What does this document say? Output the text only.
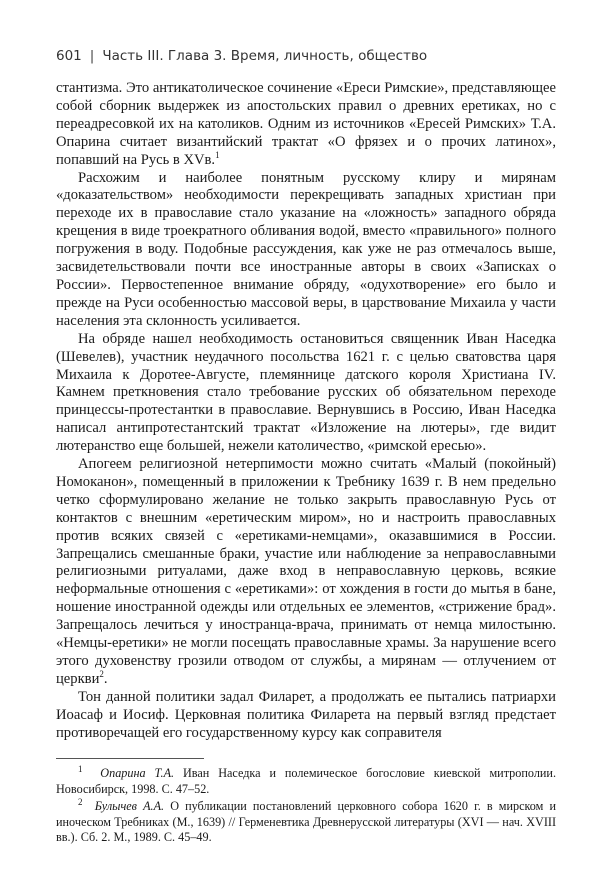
601 | Часть III. Глава 3. Время, личность, общество

стантизма. Это антикатолическое сочинение «Ереси Римские», представляющее собой сборник выдержек из апостольских правил о древних еретиках, но с переадресовкой их на католиков. Одним из источников «Ересей Римских» Т.А. Опарина считает византийский трактат «О фрязех и о прочих латинох», попавший на Русь в XVв.$^1$

Расхожим и наиболее понятным русскому клиру и мирянам «доказательством» необходимости перекрещивать западных христиан при переходе их в православие стало указание на «ложность» западного обряда крещения в виде троекратного обливания водой, вместо «правильного» полного погружения в воду. Подобные рассуждения, как уже не раз отмечалось выше, засвидетельствовали почти все иностранные авторы в своих «Записках о России». Первостепенное внимание обряду, «одухотворение» его было и прежде на Руси особенностью массовой веры, в царствование Михаила у части населения эта склонность усиливается.

На обряде нашел необходимость остановиться священник Иван Наседка (Шевелев), участник неудачного посольства 1621 г. с целью сватовства царя Михаила к Доротее-Августе, племяннице датского короля Христиана IV. Камнем преткновения стало требование русских об обязательном переходе принцессы-протестантки в православие. Вернувшись в Россию, Иван Наседка написал антипротестантский трактат «Изложение на лютеры», где видит лютеранство еще большей, нежели католичество, «римской ересью».

Апогеем религиозной нетерпимости можно считать «Малый (покойный) Номоканон», помещенный в приложении к Требнику 1639 г. В нем предельно четко сформулировано желание не только закрыть православную Русь от контактов с внешним «еретическим миром», но и настроить православных против всяких связей с «еретиками-немцами», оказавшимися в России. Запрещались смешанные браки, участие или наблюдение за неправославными религиозными ритуалами, даже вход в неправославную церковь, всякие неформальные отношения с «еретиками»: от хождения в гости до мытья в бане, ношение иностранной одежды или отдельных ее элементов, «стрижение брад». Запрещалось лечиться у иностранца-врача, принимать от немца милостыню. «Немцы-еретики» не могли посещать православные храмы. За нарушение всего этого духовенству грозили отводом от службы, а мирянам — отлучением от церкви$^2$.

Тон данной политики задал Филарет, а продолжать ее пытались патриархи Иоасаф и Иосиф. Церковная политика Филарета на первый взгляд предстает противоречащей его государственному курсу как соправителя

$^1$ Опарина Т.А. Иван Наседка и полемическое богословие киевской митрополии. Новосибирск, 1998. С. 47–52.

$^2$ Булычев А.А. О публикации постановлений церковного собора 1620 г. в мирском и иноческом Требниках (М., 1639) // Герменевтика Древнерусской литературы (XVI — нач. XVIII вв.). Сб. 2. М., 1989. С. 45–49.
